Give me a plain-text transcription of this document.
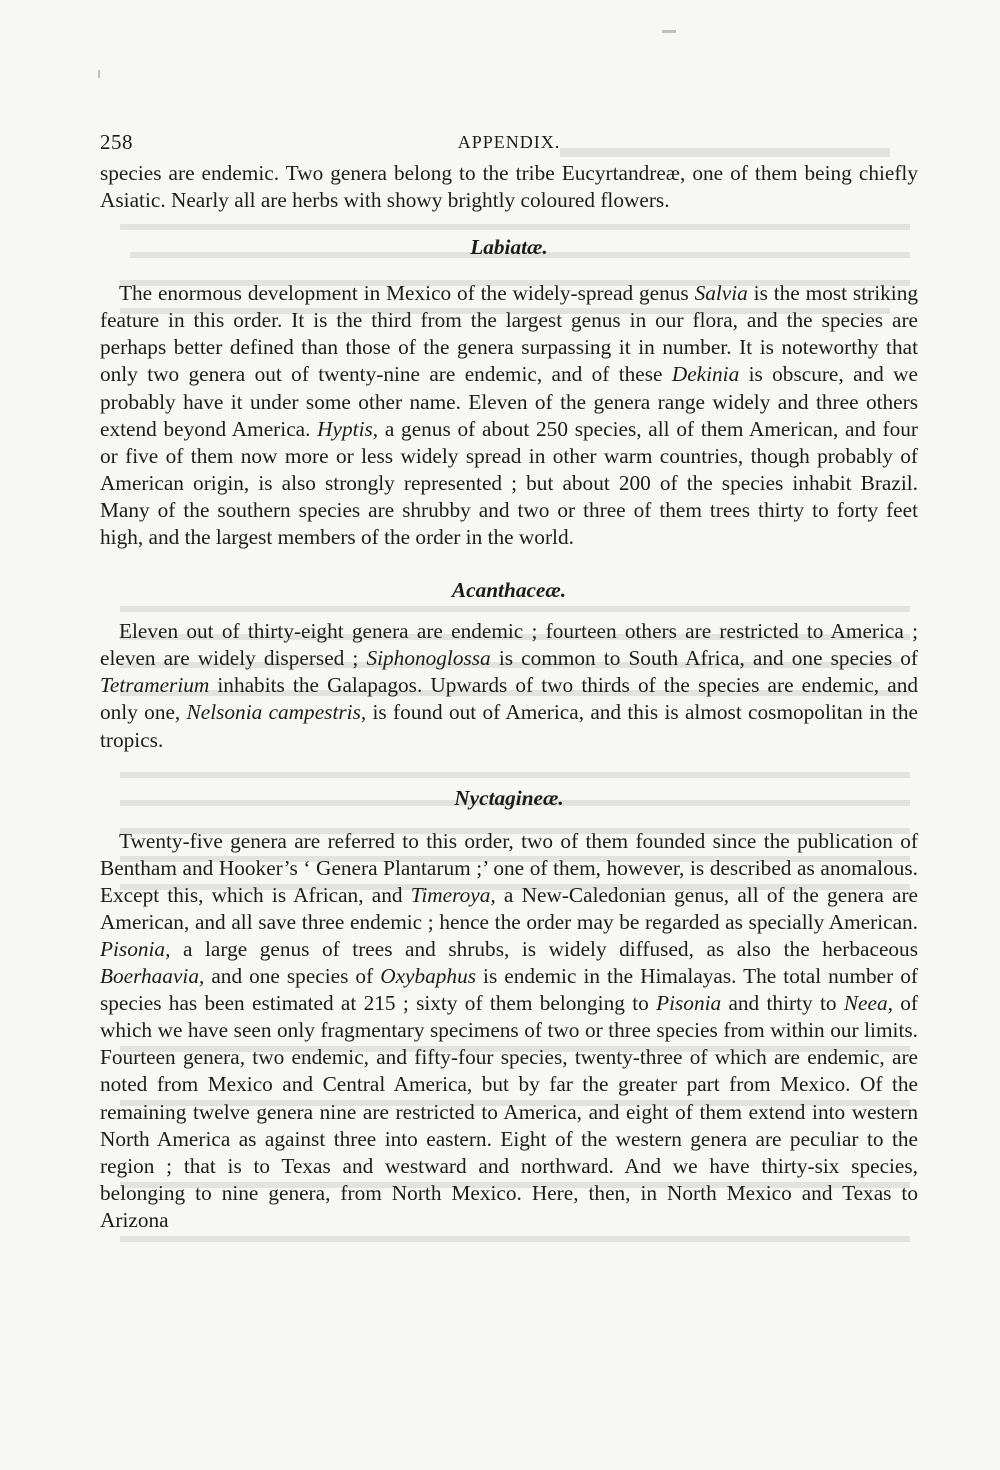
258	APPENDIX.

species are endemic. Two genera belong to the tribe Eucyrtandreæ, one of them being chiefly Asiatic. Nearly all are herbs with showy brightly coloured flowers.

Labiatæ.

The enormous development in Mexico of the widely-spread genus Salvia is the most striking feature in this order. It is the third from the largest genus in our flora, and the species are perhaps better defined than those of the genera surpassing it in number. It is noteworthy that only two genera out of twenty-nine are endemic, and of these Dekinia is obscure, and we probably have it under some other name. Eleven of the genera range widely and three others extend beyond America. Hyptis, a genus of about 250 species, all of them American, and four or five of them now more or less widely spread in other warm countries, though probably of American origin, is also strongly represented ; but about 200 of the species inhabit Brazil. Many of the southern species are shrubby and two or three of them trees thirty to forty feet high, and the largest members of the order in the world.

Acanthaceæ.

Eleven out of thirty-eight genera are endemic ; fourteen others are restricted to America ; eleven are widely dispersed ; Siphonoglossa is common to South Africa, and one species of Tetramerium inhabits the Galapagos. Upwards of two thirds of the species are endemic, and only one, Nelsonia campestris, is found out of America, and this is almost cosmopolitan in the tropics.

Nyctagineæ.

Twenty-five genera are referred to this order, two of them founded since the publication of Bentham and Hooker’s ‘ Genera Plantarum ;’ one of them, however, is described as anomalous. Except this, which is African, and Timeroya, a New-Caledonian genus, all of the genera are American, and all save three endemic ; hence the order may be regarded as specially American. Pisonia, a large genus of trees and shrubs, is widely diffused, as also the herbaceous Boerhaavia, and one species of Oxybaphus is endemic in the Himalayas. The total number of species has been estimated at 215 ; sixty of them belonging to Pisonia and thirty to Neea, of which we have seen only fragmentary specimens of two or three species from within our limits. Fourteen genera, two endemic, and fifty-four species, twenty-three of which are endemic, are noted from Mexico and Central America, but by far the greater part from Mexico. Of the remaining twelve genera nine are restricted to America, and eight of them extend into western North America as against three into eastern. Eight of the western genera are peculiar to the region ; that is to Texas and westward and northward. And we have thirty-six species, belonging to nine genera, from North Mexico. Here, then, in North Mexico and Texas to Arizona
